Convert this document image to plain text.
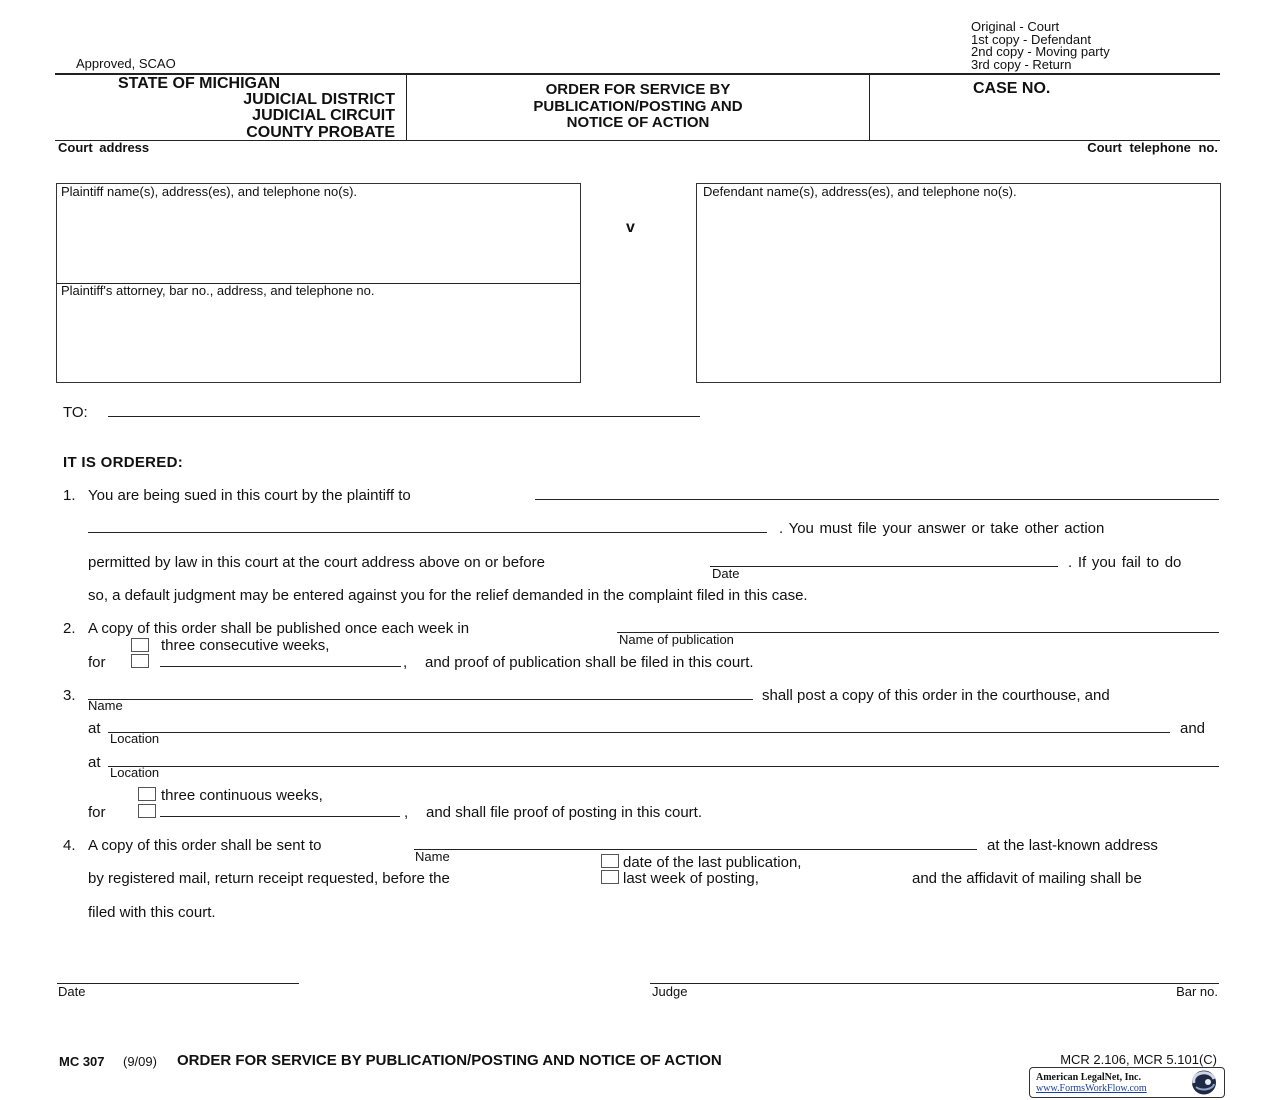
Approved, SCAO
Original - Court
1st copy - Defendant
2nd copy - Moving party
3rd copy - Return
STATE OF MICHIGAN
JUDICIAL DISTRICT
JUDICIAL CIRCUIT
COUNTY PROBATE
ORDER FOR SERVICE BY
PUBLICATION/POSTING AND
NOTICE OF ACTION
CASE NO.
Court address	Court telephone no.
Plaintiff name(s), address(es), and telephone no(s).
Plaintiff's attorney, bar no., address, and telephone no.
v
Defendant name(s), address(es), and telephone no(s).
TO:
IT IS ORDERED:
1. You are being sued in this court by the plaintiff to
. You must file your answer or take other action
permitted by law in this court at the court address above on or before
Date
. If you fail to do
so, a default judgment may be entered against you for the relief demanded in the complaint filed in this case.
2. A copy of this order shall be published once each week in
Name of publication
three consecutive weeks,
for	, and proof of publication shall be filed in this court.
3.
Name
shall post a copy of this order in the courthouse, and
at
Location
and
at
Location
three continuous weeks,
for	, and shall file proof of posting in this court.
4. A copy of this order shall be sent to
Name
at the last-known address
date of the last publication,
by registered mail, return receipt requested, before the	last week of posting,	and the affidavit of mailing shall be
filed with this court.
Date	Judge	Bar no.
MC 307 (9/09) ORDER FOR SERVICE BY PUBLICATION/POSTING AND NOTICE OF ACTION	MCR 2.106, MCR 5.101(C)
American LegalNet, Inc.
www.FormsWorkFlow.com
